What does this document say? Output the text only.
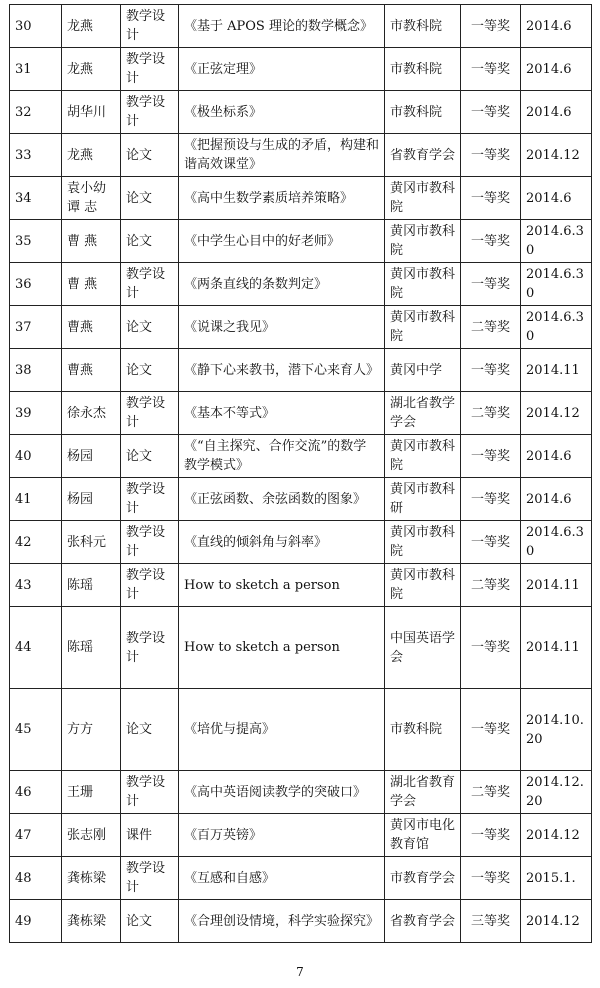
30	龙燕	教学设计	《基于 APOS 理论的数学概念》	市教科院	一等奖	2014.6
31	龙燕	教学设计	《正弦定理》	市教科院	一等奖	2014.6
32	胡华川	教学设计	《极坐标系》	市教科院	一等奖	2014.6
33	龙燕	论文	《把握预设与生成的矛盾，构建和谐高效课堂》	省教育学会	一等奖	2014.12
34	袁小幼 谭 志	论文	《高中生数学素质培养策略》	黄冈市教科院	一等奖	2014.6
35	曹 燕	论文	《中学生心目中的好老师》	黄冈市教科院	一等奖	2014.6.30
36	曹 燕	教学设计	《两条直线的条数判定》	黄冈市教科院	一等奖	2014.6.30
37	曹燕	论文	《说课之我见》	黄冈市教科院	二等奖	2014.6.30
38	曹燕	论文	《静下心来教书，潜下心来育人》	黄冈中学	一等奖	2014.11
39	徐永杰	教学设计	《基本不等式》	湖北省教学学会	二等奖	2014.12
40	杨园	论文	《“自主探究、合作交流”的数学教学模式》	黄冈市教科院	一等奖	2014.6
41	杨园	教学设计	《正弦函数、余弦函数的图象》	黄冈市教科研	一等奖	2014.6
42	张科元	教学设计	《直线的倾斜角与斜率》	黄冈市教科院	一等奖	2014.6.30
43	陈瑶	教学设计	How to sketch a person	黄冈市教科院	二等奖	2014.11
44	陈瑶	教学设计	How to sketch a person	中国英语学会	一等奖	2014.11
45	方方	论文	《培优与提高》	市教科院	一等奖	2014.10.20
46	王珊	教学设计	《高中英语阅读教学的突破口》	湖北省教育学会	二等奖	2014.12.20
47	张志刚	课件	《百万英镑》	黄冈市电化教育馆	一等奖	2014.12
48	龚栋梁	教学设计	《互感和自感》	市教育学会	一等奖	2015.1.
49	龚栋梁	论文	《合理创设情境，科学实验探究》	省教育学会	三等奖	2014.12
7
